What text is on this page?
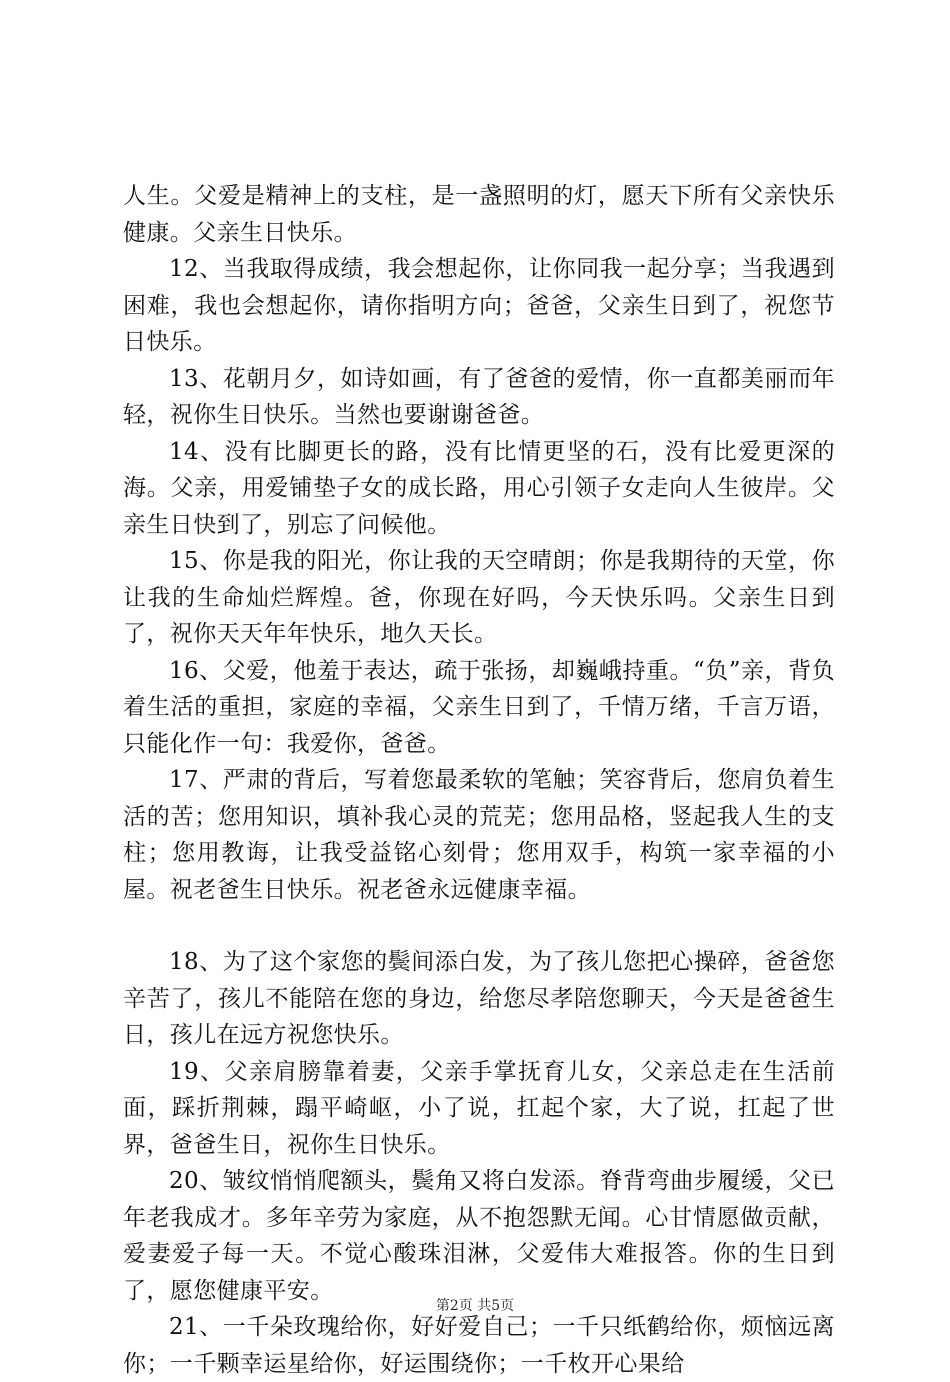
人生。父爱是精神上的支柱，是一盏照明的灯，愿天下所有父亲快乐健康。父亲生日快乐。

12、当我取得成绩，我会想起你，让你同我一起分享；当我遇到困难，我也会想起你，请你指明方向；爸爸，父亲生日到了，祝您节日快乐。

13、花朝月夕，如诗如画，有了爸爸的爱情，你一直都美丽而年轻，祝你生日快乐。当然也要谢谢爸爸。

14、没有比脚更长的路，没有比情更坚的石，没有比爱更深的海。父亲，用爱铺垫子女的成长路，用心引领子女走向人生彼岸。父亲生日快到了，别忘了问候他。

15、你是我的阳光，你让我的天空晴朗；你是我期待的天堂，你让我的生命灿烂辉煌。爸，你现在好吗，今天快乐吗。父亲生日到了，祝你天天年年快乐，地久天长。

16、父爱，他羞于表达，疏于张扬，却巍峨持重。“负”亲，背负着生活的重担，家庭的幸福，父亲生日到了，千情万绪，千言万语，只能化作一句：我爱你，爸爸。

17、严肃的背后，写着您最柔软的笔触；笑容背后，您肩负着生活的苦；您用知识，填补我心灵的荒芜；您用品格，竖起我人生的支柱；您用教诲，让我受益铭心刻骨；您用双手，构筑一家幸福的小屋。祝老爸生日快乐。祝老爸永远健康幸福。

18、为了这个家您的鬓间添白发，为了孩儿您把心操碎，爸爸您辛苦了，孩儿不能陪在您的身边，给您尽孝陪您聊天，今天是爸爸生日，孩儿在远方祝您快乐。

19、父亲肩膀靠着妻，父亲手掌抚育儿女，父亲总走在生活前面，踩折荆棘，蹋平崎岖，小了说，扛起个家，大了说，扛起了世界，爸爸生日，祝你生日快乐。

20、皱纹悄悄爬额头，鬓角又将白发添。脊背弯曲步履缓，父已年老我成才。多年辛劳为家庭，从不抱怨默无闻。心甘情愿做贡献，爱妻爱子每一天。不觉心酸珠泪淋，父爱伟大难报答。你的生日到了，愿您健康平安。

21、一千朵玫瑰给你，好好爱自己；一千只纸鹤给你，烦恼远离你；一千颗幸运星给你，好运围绕你；一千枚开心果给

第2页 共5页
